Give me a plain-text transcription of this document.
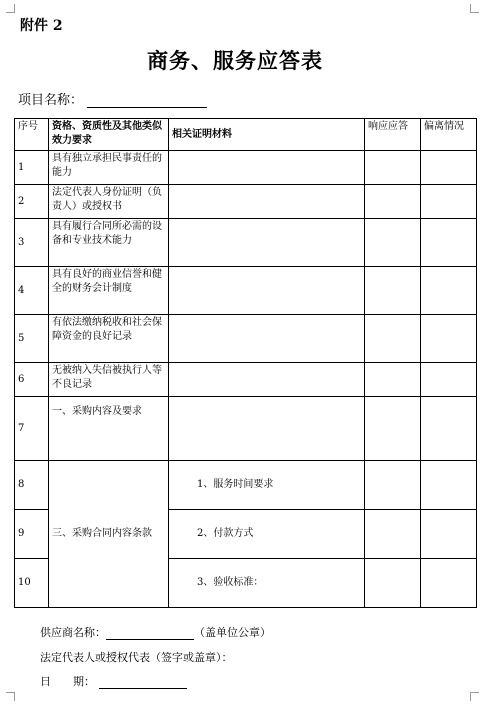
附件 2
商务、服务应答表
项目名称：
序号	资格、资质性及其他类似效力要求	相关证明材料	响应应答	偏离情况
1	具有独立承担民事责任的能力			
2	法定代表人身份证明（负责人）或授权书			
3	具有履行合同所必需的设备和专业技术能力			
4	具有良好的商业信誉和健全的财务会计制度			
5	有依法缴纳税收和社会保障资金的良好记录			
6	无被纳入失信被执行人等不良记录			
7	一、采购内容及要求			
8	三、采购合同内容条款	1、服务时间要求		
9		2、付款方式		
10		3、验收标准：		
供应商名称：	（盖单位公章）
法定代表人或授权代表（签字或盖章）：
日　　期：
